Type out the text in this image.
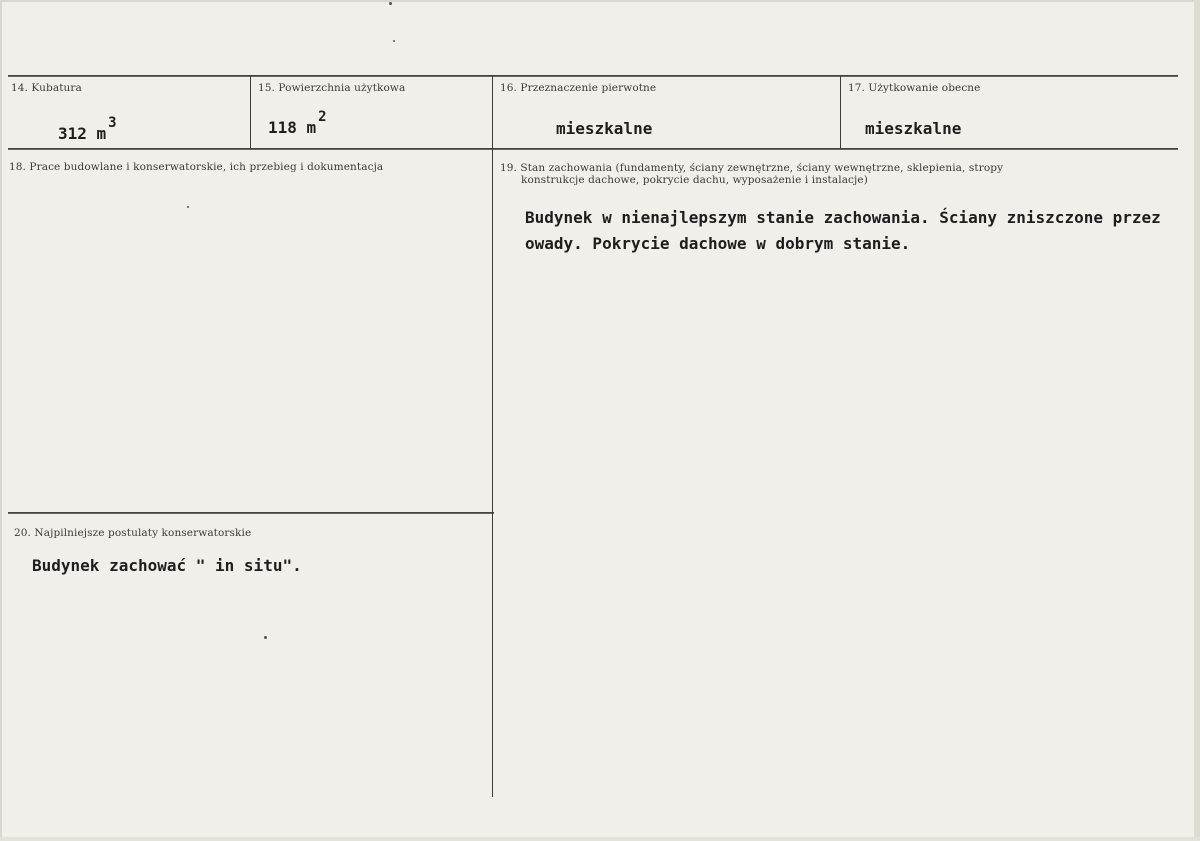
14. Kubatura
312 m3
15. Powierzchnia użytkowa
118 m2
16. Przeznaczenie pierwotne
mieszkalne
17. Użytkowanie obecne
mieszkalne
18. Prace budowlane i konserwatorskie, ich przebieg i dokumentacja	19. Stan zachowania (fundamenty, ściany zewnętrzne, ściany wewnętrzne, sklepienia, stropy
konstrukcje dachowe, pokrycie dachu, wyposażenie i instalacje)
Budynek w nienajlepszym stanie zachowania. Ściany zniszczone przez
owady. Pokrycie dachowe w dobrym stanie.
20. Najpilniejsze postulaty konserwatorskie
Budynek zachować " in situ".
